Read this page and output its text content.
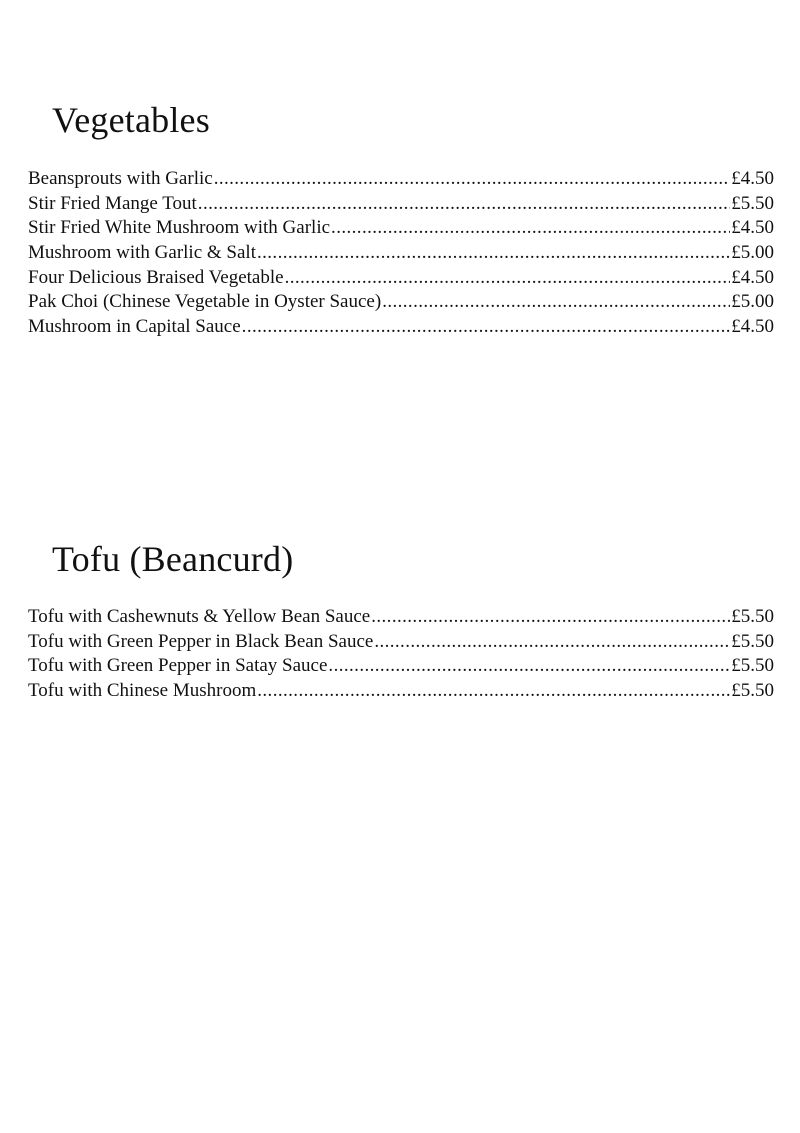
Vegetables
Beansprouts with Garlic .....	£4.50
Stir Fried Mange Tout .....	£5.50
Stir Fried White Mushroom with Garlic .....	£4.50
Mushroom with Garlic & Salt .....	£5.00
Four Delicious Braised Vegetable .....	£4.50
Pak Choi (Chinese Vegetable in Oyster Sauce) .....	£5.00
Mushroom in Capital Sauce .....	£4.50
Tofu (Beancurd)
Tofu with Cashewnuts & Yellow Bean Sauce .....	£5.50
Tofu with Green Pepper in Black Bean Sauce .....	£5.50
Tofu with Green Pepper in Satay Sauce .....	£5.50
Tofu with Chinese Mushroom .....	£5.50
